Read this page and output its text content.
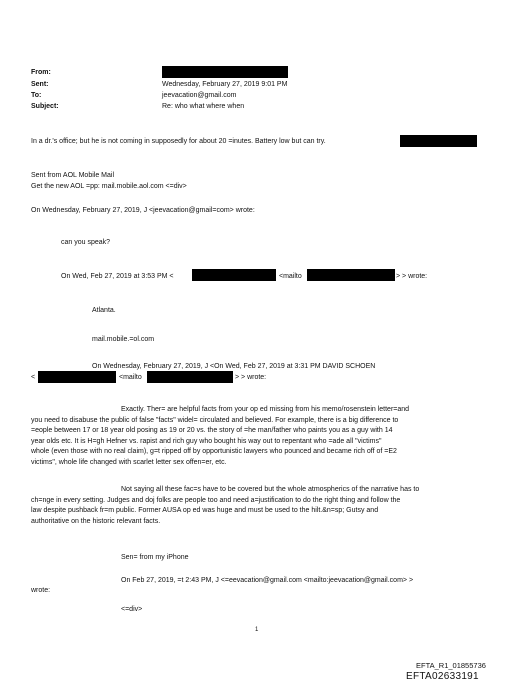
From:
Sent:	Wednesday, February 27, 2019 9:01 PM
To:	jeevacation@gmail.com
Subject:	Re: who what where when
In a dr.'s office; but he is not coming in supposedly for about 20 =inutes. Battery low but can try.
Sent from AOL Mobile Mail
Get the new AOL =pp: mail.mobile.aol.com <=div>
On Wednesday, February 27, 2019, J <jeevacation@gmail=com> wrote:
can you speak?
On Wed, Feb 27, 2019 at 3:53 PM <	<mailto	> > wrote:
Atlanta.
mail.mobile.=ol.com
On Wednesday, February 27, 2019, J <On Wed, Feb 27, 2019 at 3:31 PM DAVID SCHOEN
<	<mailto	> > wrote:
Exactly. Ther= are helpful facts from your op ed missing from his memo/rosenstein letter=and
you need to disabuse the public of false "facts" widel= circulated and believed. For example, there is a big difference to
=eople between 17 or 18 year old posing as 19 or 20 vs. the story of =he man/father who paints you as a guy with 14
year olds etc. It is H=gh Hefner vs. rapist and rich guy who bought his way out to repentant who =ade all "victims"
whole (even those with no real claim), g=t ripped off by opportunistic lawyers who pounced and became rich off of =E2
victims", whole life changed with scarlet letter sex offen=er, etc.
Not saying all these fac=s have to be covered but the whole atmospherics of the narrative has to
ch=nge in every setting. Judges and doj folks are people too and need a=justification to do the right thing and follow the
law despite pushback fr=m public. Former AUSA op ed was huge and must be used to the hilt.&n=sp; Gutsy and
authoritative on the historic relevant facts.
Sen= from my iPhone
On Feb 27, 2019, =t 2:43 PM, J <=eevacation@gmail.com <mailto:jeevacation@gmail.com> >
wrote:
<=div>
1
EFTA_R1_01855736
EFTA02633191
